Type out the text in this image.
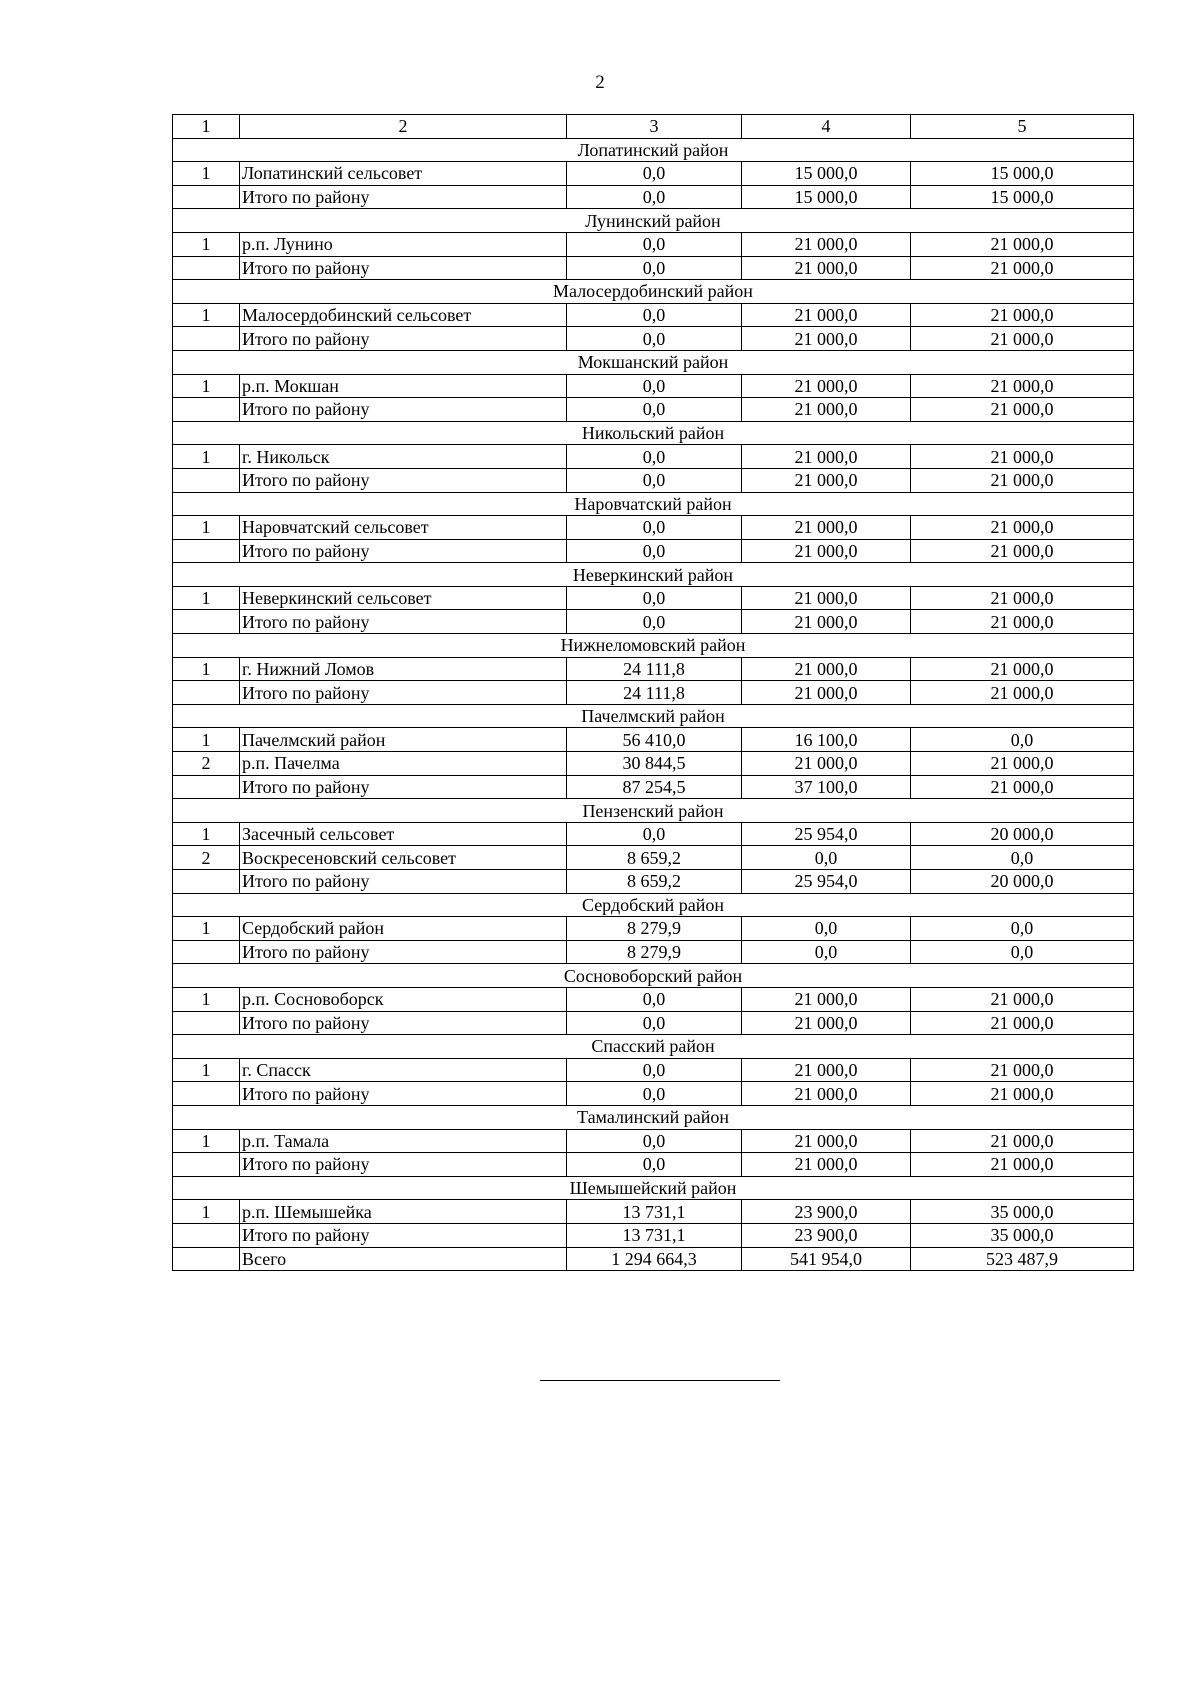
2
1	2	3	4	5
Лопатинский район				
1	Лопатинский сельсовет	0,0	15 000,0	15 000,0
	Итого по району	0,0	15 000,0	15 000,0
Лунинский район				
1	р.п. Лунино	0,0	21 000,0	21 000,0
	Итого по району	0,0	21 000,0	21 000,0
Малосердобинский район				
1	Малосердобинский сельсовет	0,0	21 000,0	21 000,0
	Итого по району	0,0	21 000,0	21 000,0
Мокшанский район				
1	р.п. Мокшан	0,0	21 000,0	21 000,0
	Итого по району	0,0	21 000,0	21 000,0
Никольский район				
1	г. Никольск	0,0	21 000,0	21 000,0
	Итого по району	0,0	21 000,0	21 000,0
Наровчатский район				
1	Наровчатский сельсовет	0,0	21 000,0	21 000,0
	Итого по району	0,0	21 000,0	21 000,0
Неверкинский район				
1	Неверкинский сельсовет	0,0	21 000,0	21 000,0
	Итого по району	0,0	21 000,0	21 000,0
Нижнеломовский район				
1	г. Нижний Ломов	24 111,8	21 000,0	21 000,0
	Итого по району	24 111,8	21 000,0	21 000,0
Пачелмский район				
1	Пачелмский район	56 410,0	16 100,0	0,0
2	р.п. Пачелма	30 844,5	21 000,0	21 000,0
	Итого по району	87 254,5	37 100,0	21 000,0
Пензенский район				
1	Засечный сельсовет	0,0	25 954,0	20 000,0
2	Воскресеновский сельсовет	8 659,2	0,0	0,0
	Итого по району	8 659,2	25 954,0	20 000,0
Сердобский район				
1	Сердобский район	8 279,9	0,0	0,0
	Итого по району	8 279,9	0,0	0,0
Сосновоборский район				
1	р.п. Сосновоборск	0,0	21 000,0	21 000,0
	Итого по району	0,0	21 000,0	21 000,0
Спасский район				
1	г. Спасск	0,0	21 000,0	21 000,0
	Итого по району	0,0	21 000,0	21 000,0
Тамалинский район				
1	р.п. Тамала	0,0	21 000,0	21 000,0
	Итого по району	0,0	21 000,0	21 000,0
Шемышейский район				
1	р.п. Шемышейка	13 731,1	23 900,0	35 000,0
	Итого по району	13 731,1	23 900,0	35 000,0
	Всего	1 294 664,3	541 954,0	523 487,9
